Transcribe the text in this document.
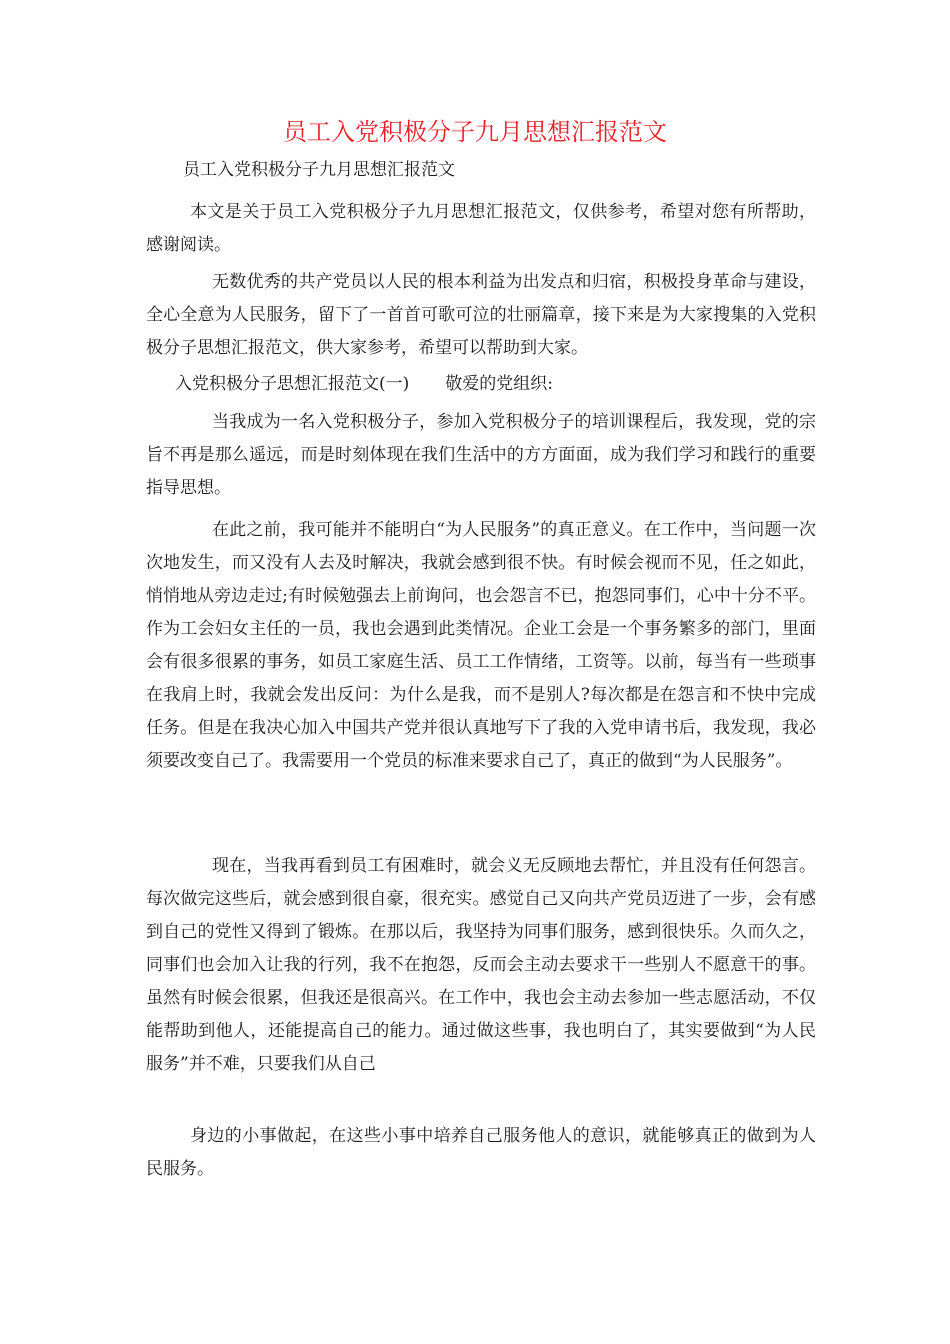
员工入党积极分子九月思想汇报范文

员工入党积极分子九月思想汇报范文

本文是关于员工入党积极分子九月思想汇报范文，仅供参考，希望对您有所帮助，感谢阅读。

无数优秀的共产党员以人民的根本利益为出发点和归宿，积极投身革命与建设，全心全意为人民服务，留下了一首首可歌可泣的壮丽篇章，接下来是为大家搜集的入党积极分子思想汇报范文，供大家参考，希望可以帮助到大家。

入党积极分子思想汇报范文(一) 敬爱的党组织:

当我成为一名入党积极分子，参加入党积极分子的培训课程后，我发现，党的宗旨不再是那么遥远，而是时刻体现在我们生活中的方方面面，成为我们学习和践行的重要指导思想。

在此之前，我可能并不能明白“为人民服务”的真正意义。在工作中，当问题一次次地发生，而又没有人去及时解决，我就会感到很不快。有时候会视而不见，任之如此，悄悄地从旁边走过;有时候勉强去上前询问，也会怨言不已，抱怨同事们，心中十分不平。作为工会妇女主任的一员，我也会遇到此类情况。企业工会是一个事务繁多的部门，里面会有很多很累的事务，如员工家庭生活、员工工作情绪，工资等。以前，每当有一些琐事在我肩上时，我就会发出反问：为什么是我，而不是别人?每次都是在怨言和不快中完成任务。但是在我决心加入中国共产党并很认真地写下了我的入党申请书后，我发现，我必须要改变自己了。我需要用一个党员的标准来要求自己了，真正的做到“为人民服务”。

现在，当我再看到员工有困难时，就会义无反顾地去帮忙，并且没有任何怨言。每次做完这些后，就会感到很自豪，很充实。感觉自己又向共产党员迈进了一步，会有感到自己的党性又得到了锻炼。在那以后，我坚持为同事们服务，感到很快乐。久而久之，同事们也会加入让我的行列，我不在抱怨，反而会主动去要求干一些别人不愿意干的事。虽然有时候会很累，但我还是很高兴。在工作中，我也会主动去参加一些志愿活动，不仅能帮助到他人，还能提高自己的能力。通过做这些事，我也明白了，其实要做到“为人民服务”并不难，只要我们从自己

身边的小事做起，在这些小事中培养自己服务他人的意识，就能够真正的做到为人民服务。
